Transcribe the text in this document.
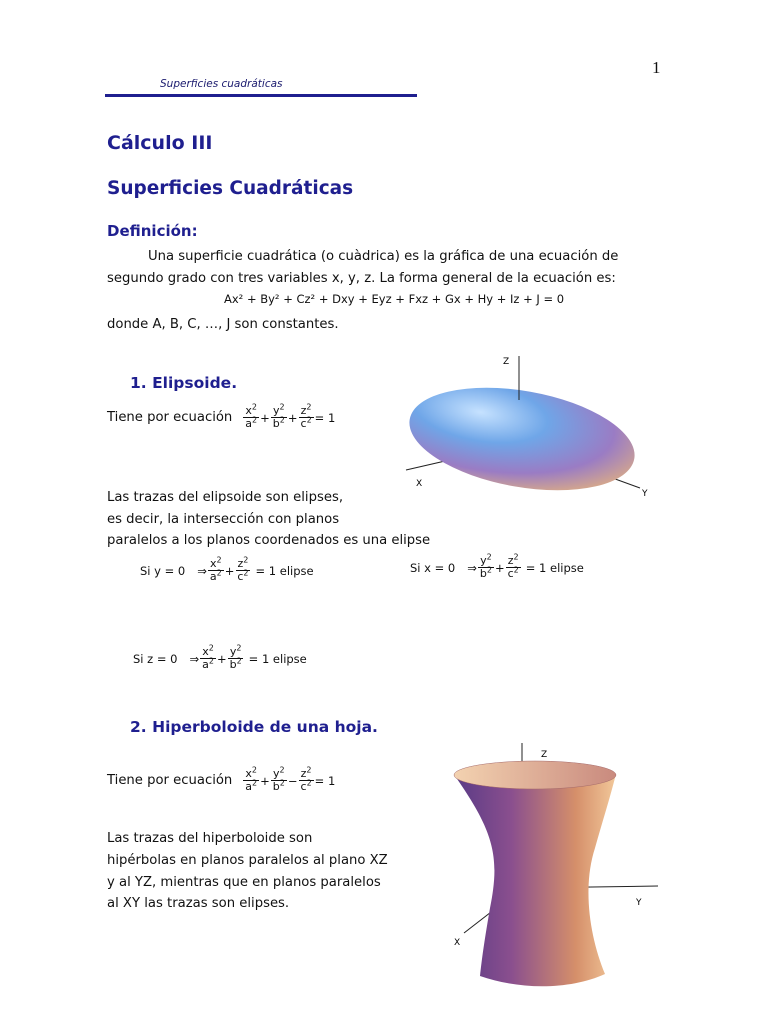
1
Superficies cuadráticas
Cálculo III
Superficies Cuadráticas
Definición:
Una superficie cuadrática (o cuàdrica) es la gráfica de una ecuación de
segundo grado con tres variables x, y, z. La forma general de la ecuación es:
Ax² + By² + Cz² + Dxy + Eyz + Fxz + Gx + Hy + Iz + J = 0
donde A, B, C, …, J son constantes.
1. Elipsoide.
Tiene por ecuación $\frac{x^2}{a^2} + \frac{y^2}{b^2} + \frac{z^2}{c^2} = 1$
Z
X
Y
Las trazas del elipsoide son elipses,
es decir, la intersección con planos
paralelos a los planos coordenados es una elipse
Si y = 0 ⇒ $\frac{x^2}{a^2} + \frac{z^2}{c^2} = 1$ elipse	Si x = 0 ⇒ $\frac{y^2}{b^2} + \frac{z^2}{c^2} = 1$ elipse
Si z = 0 ⇒ $\frac{x^2}{a^2} + \frac{y^2}{b^2} = 1$ elipse
2. Hiperboloide de una hoja.
Tiene por ecuación $\frac{x^2}{a^2} + \frac{y^2}{b^2} - \frac{z^2}{c^2} = 1$
Las trazas del hiperboloide son
hipérbolas en planos paralelos al plano XZ
y al YZ, mientras que en planos paralelos
al XY las trazas son elipses.
Z
Y
X
